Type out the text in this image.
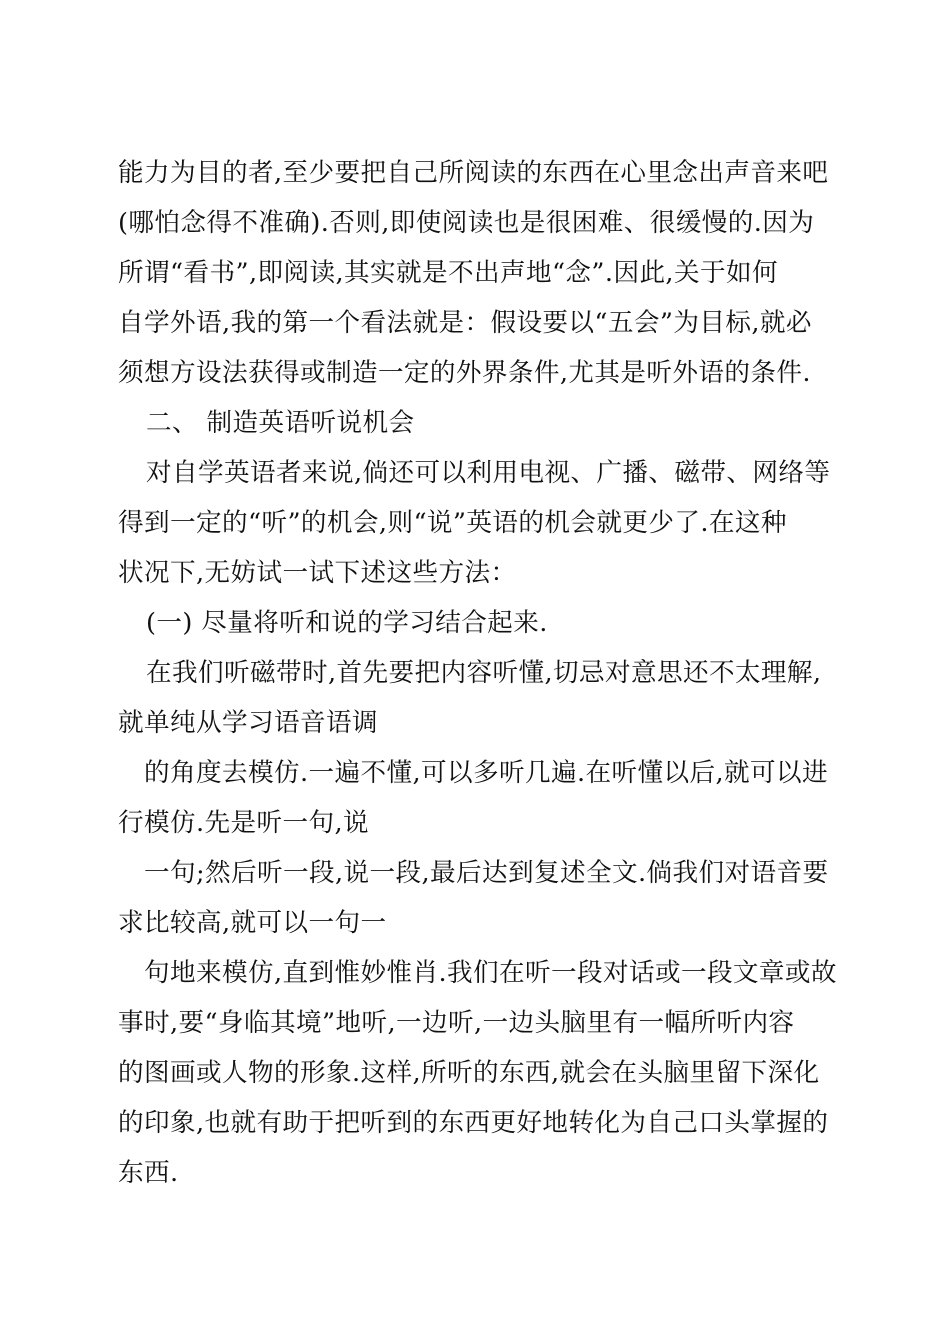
能力为目的者,至少要把自己所阅读的东西在心里念出声音来吧
(哪怕念得不准确).否则,即使阅读也是很困难、很缓慢的.因为
所谓“看书”,即阅读,其实就是不出声地“念”.因此,关于如何
自学外语,我的第一个看法就是：假设要以“五会”为目标,就必
须想方设法获得或制造一定的外界条件,尤其是听外语的条件.
二、 制造英语听说机会
对自学英语者来说,倘还可以利用电视、广播、磁带、网络等
得到一定的“听”的机会,则“说”英语的机会就更少了.在这种
状况下,无妨试一试下述这些方法：
(一) 尽量将听和说的学习结合起来.
在我们听磁带时,首先要把内容听懂,切忌对意思还不太理解,
就单纯从学习语音语调
的角度去模仿.一遍不懂,可以多听几遍.在听懂以后,就可以进
行模仿.先是听一句,说
一句;然后听一段,说一段,最后达到复述全文.倘我们对语音要
求比较高,就可以一句一
句地来模仿,直到惟妙惟肖.我们在听一段对话或一段文章或故
事时,要“身临其境”地听,一边听,一边头脑里有一幅所听内容
的图画或人物的形象.这样,所听的东西,就会在头脑里留下深化
的印象,也就有助于把听到的东西更好地转化为自己口头掌握的
东西.
